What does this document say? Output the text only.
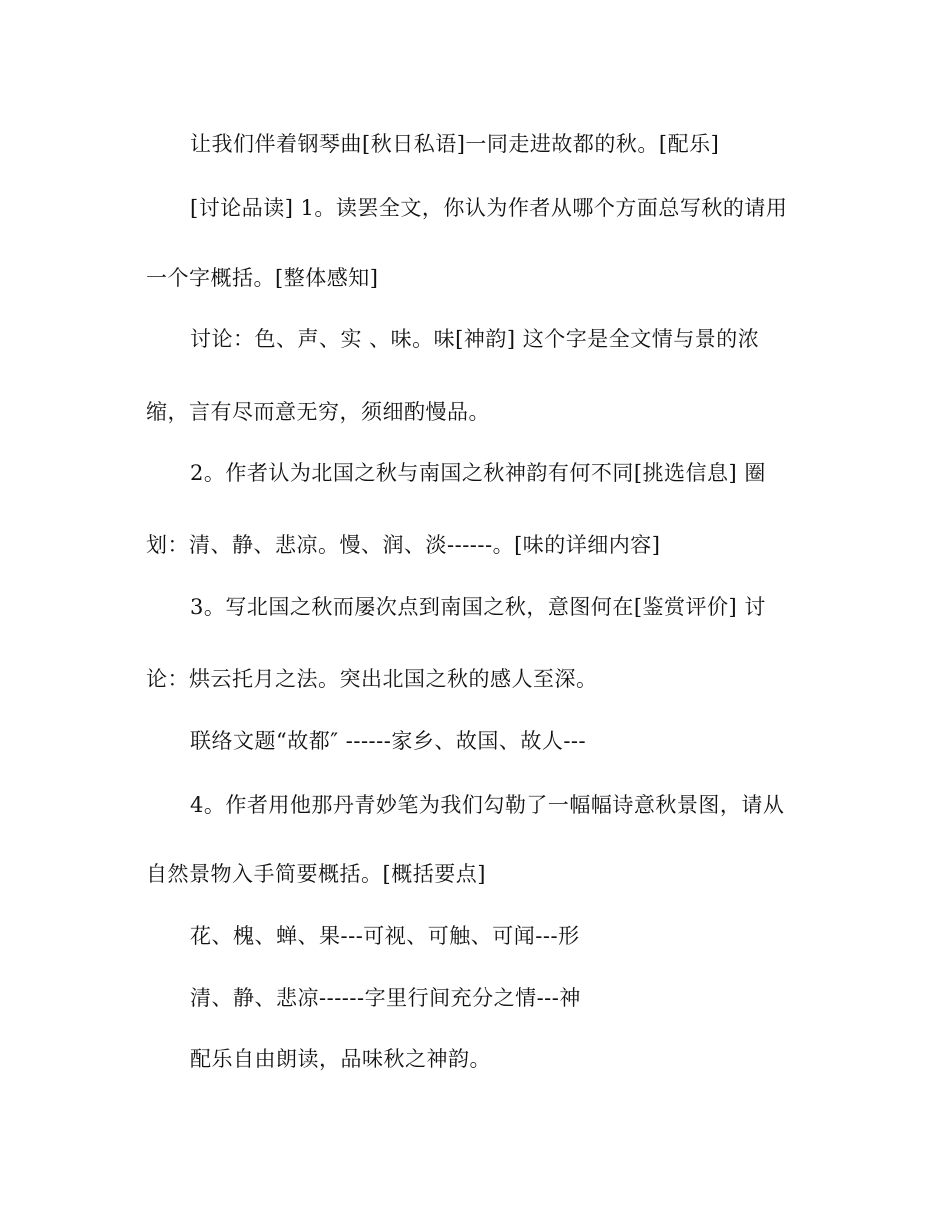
让我们伴着钢琴曲[秋日私语]一同走进故都的秋。[配乐]
[讨论品读] 1。读罢全文，你认为作者从哪个方面总写秋的请用
一个字概括。[整体感知]
讨论：色、声、实 、味。味[神韵] 这个字是全文情与景的浓
缩，言有尽而意无穷，须细酌慢品。
2。作者认为北国之秋与南国之秋神韵有何不同[挑选信息] 圈
划：清、静、悲凉。慢、润、淡------。[味的详细内容]
3。写北国之秋而屡次点到南国之秋，意图何在[鉴赏评价] 讨
论：烘云托月之法。突出北国之秋的感人至深。
联络文题“故都″ ------家乡、故国、故人---
4。作者用他那丹青妙笔为我们勾勒了一幅幅诗意秋景图，请从
自然景物入手简要概括。[概括要点]
花、槐、蝉、果---可视、可触、可闻---形
清、静、悲凉------字里行间充分之情---神
配乐自由朗读，品味秋之神韵。
